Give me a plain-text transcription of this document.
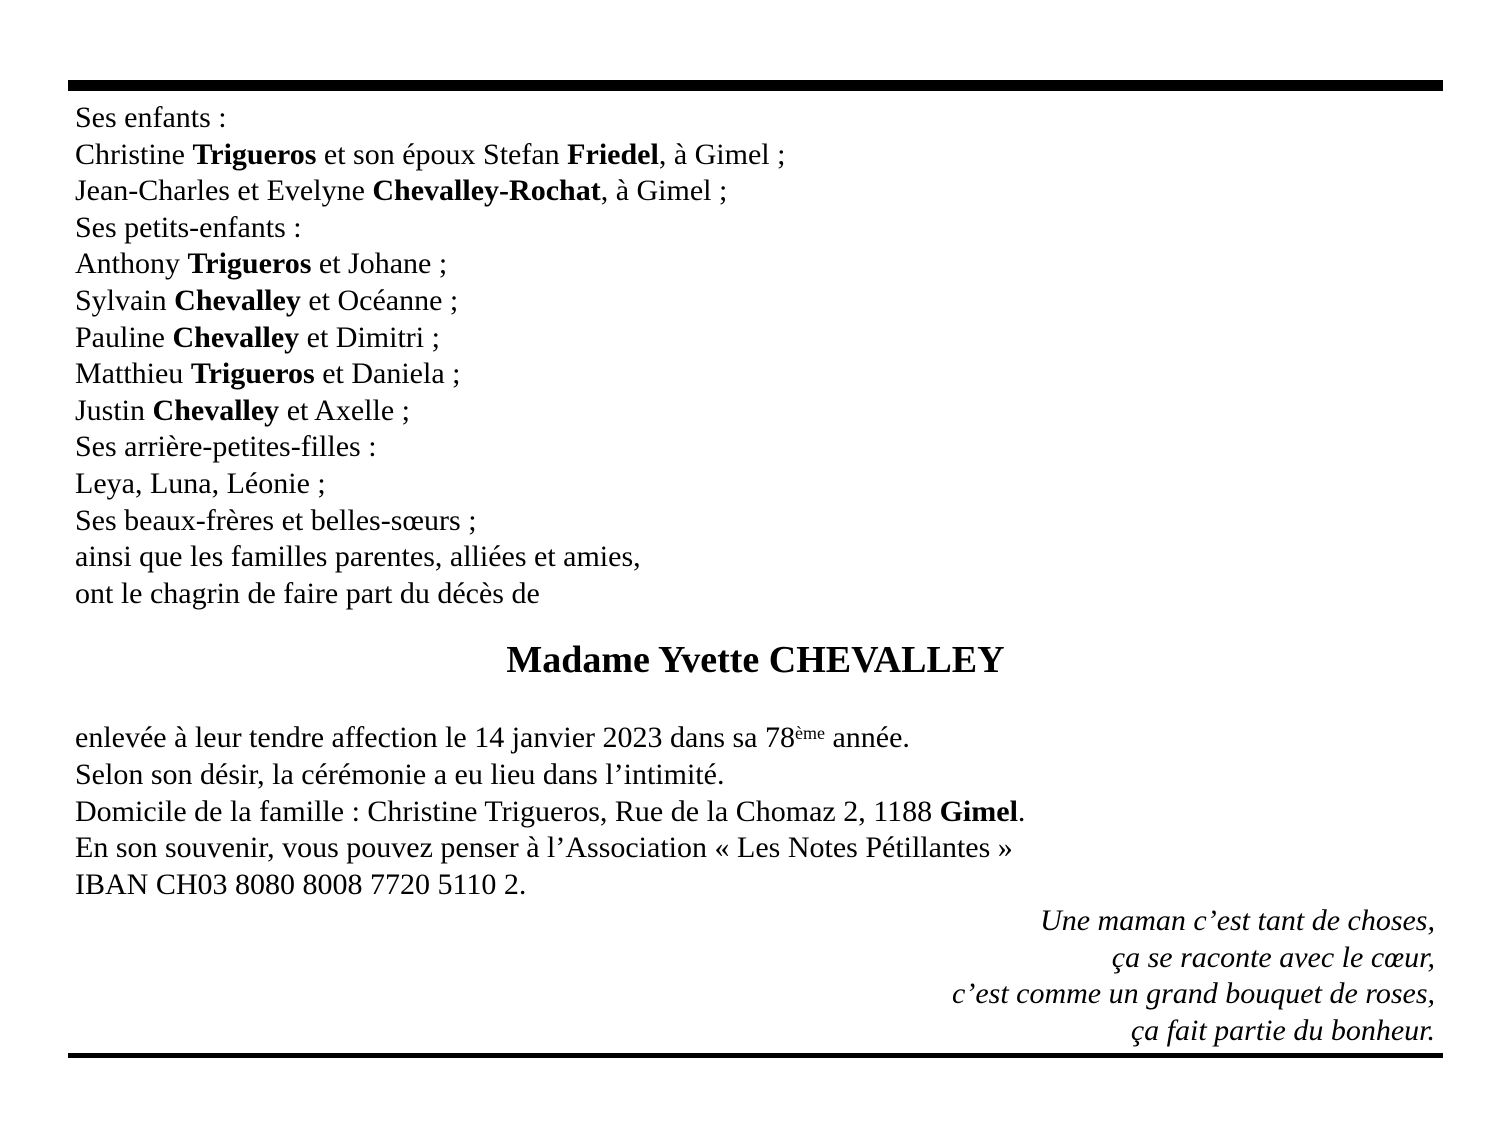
Ses enfants :
Christine Trigueros et son époux Stefan Friedel, à Gimel ;
Jean-Charles et Evelyne Chevalley-Rochat, à Gimel ;
Ses petits-enfants :
Anthony Trigueros et Johane ;
Sylvain Chevalley et Océanne ;
Pauline Chevalley et Dimitri ;
Matthieu Trigueros et Daniela ;
Justin Chevalley et Axelle ;
Ses arrière-petites-filles :
Leya, Luna, Léonie ;
Ses beaux-frères et belles-sœurs ;
ainsi que les familles parentes, alliées et amies,
ont le chagrin de faire part du décès de
Madame Yvette CHEVALLEY
enlevée à leur tendre affection le 14 janvier 2023 dans sa 78ème année.
Selon son désir, la cérémonie a eu lieu dans l’intimité.
Domicile de la famille : Christine Trigueros, Rue de la Chomaz 2, 1188 Gimel.
En son souvenir, vous pouvez penser à l’Association « Les Notes Pétillantes »
IBAN CH03 8080 8008 7720 5110 2.
Une maman c’est tant de choses,
ça se raconte avec le cœur,
c’est comme un grand bouquet de roses,
ça fait partie du bonheur.
